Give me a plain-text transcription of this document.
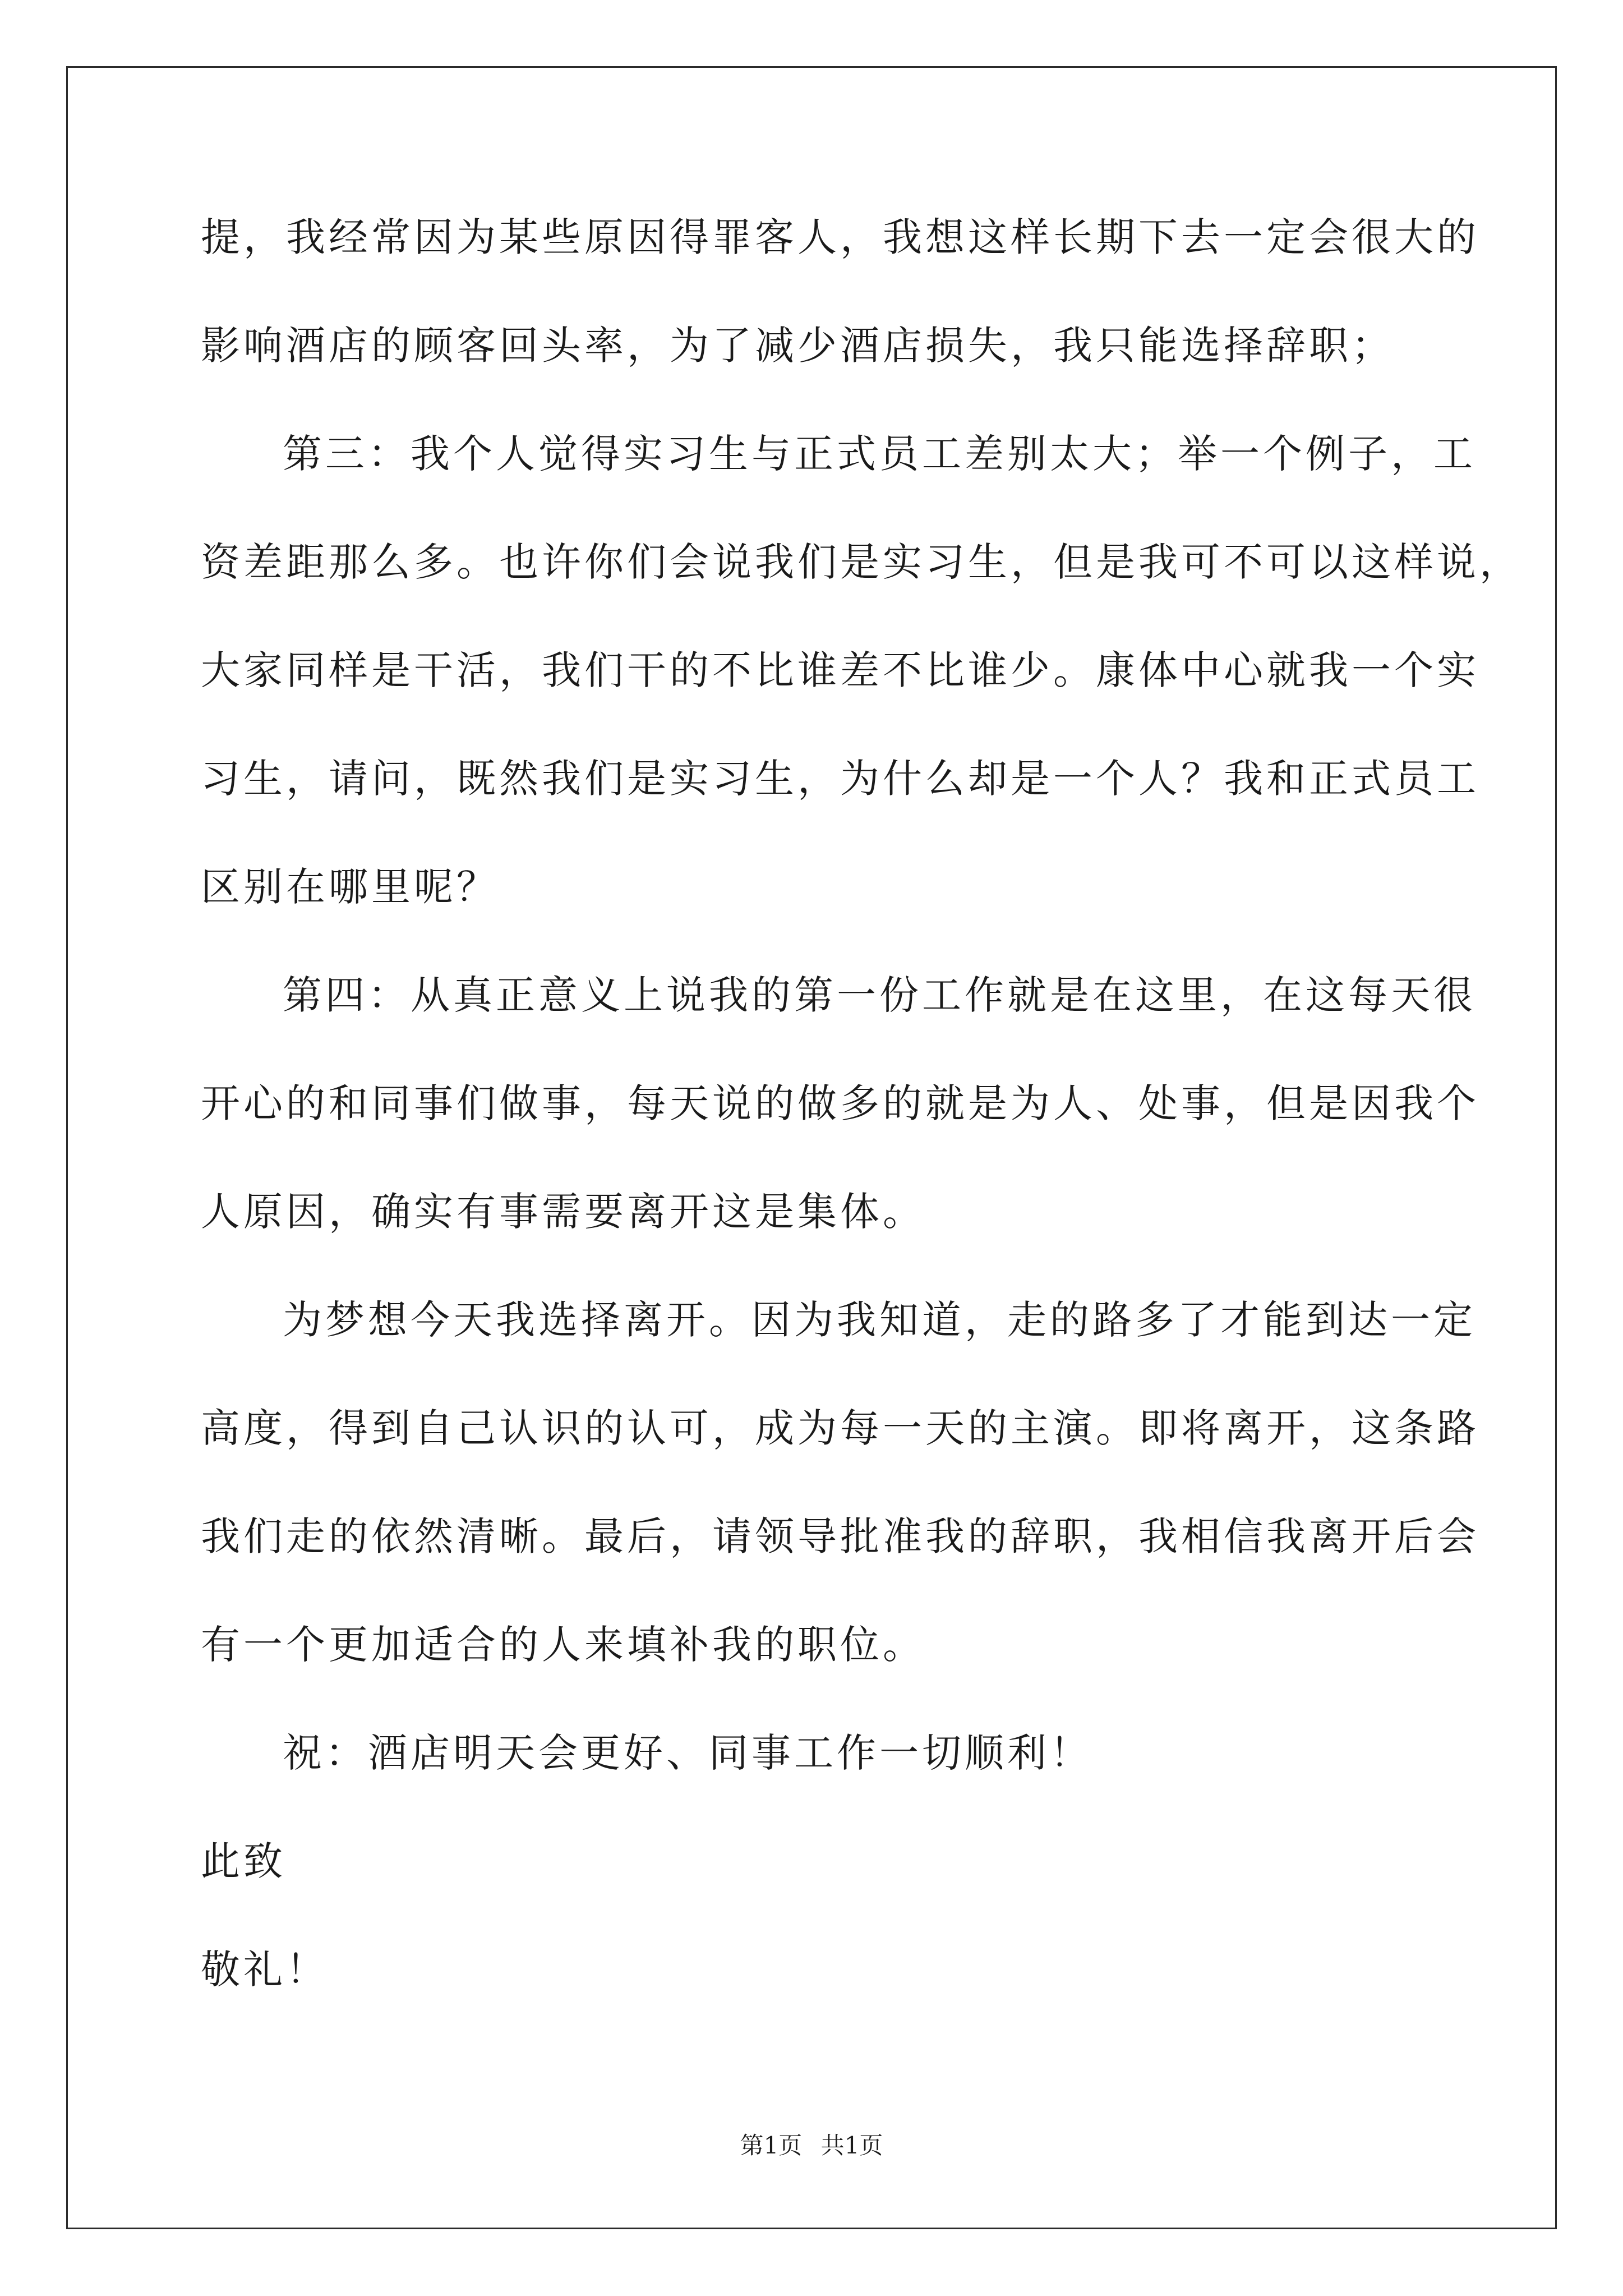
提，我经常因为某些原因得罪客人，我想这样长期下去一定会很大的
影响酒店的顾客回头率，为了减少酒店损失，我只能选择辞职；
第三：我个人觉得实习生与正式员工差别太大；举一个例子，工
资差距那么多。也许你们会说我们是实习生，但是我可不可以这样说，
大家同样是干活，我们干的不比谁差不比谁少。康体中心就我一个实
习生，请问，既然我们是实习生，为什么却是一个人？我和正式员工
区别在哪里呢？
第四：从真正意义上说我的第一份工作就是在这里，在这每天很
开心的和同事们做事，每天说的做多的就是为人、处事，但是因我个
人原因，确实有事需要离开这是集体。
为梦想今天我选择离开。因为我知道，走的路多了才能到达一定
高度，得到自己认识的认可，成为每一天的主演。即将离开，这条路
我们走的依然清晰。最后，请领导批准我的辞职，我相信我离开后会
有一个更加适合的人来填补我的职位。
祝：酒店明天会更好、同事工作一切顺利！
此致
敬礼！
第1页 共1页
